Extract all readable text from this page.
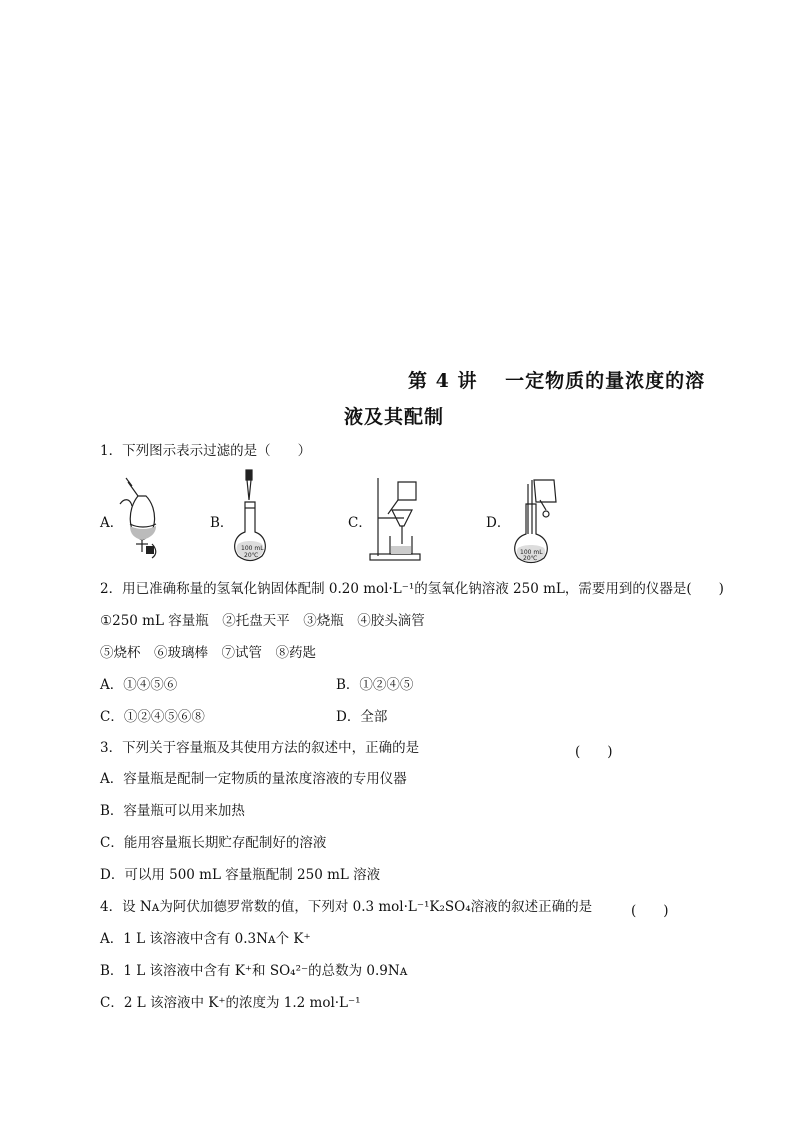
第 4 讲　 一定物质的量浓度的溶
液及其配制
1．下列图示表示过滤的是（　　）
A．	B．
100 mL
20℃
C．	D．
100 mL
20℃
2．用已准确称量的氢氧化钠固体配制 0.20 mol·L⁻¹的氢氧化钠溶液 250 mL，需要用到的仪器是(　　)
①250 mL 容量瓶　②托盘天平　③烧瓶　④胶头滴管
⑤烧杯　⑥玻璃棒　⑦试管　⑧药匙
A．①④⑤⑥	B．①②④⑤
C．①②④⑤⑥⑧	D．全部
3．下列关于容量瓶及其使用方法的叙述中，正确的是	(　　)
A．容量瓶是配制一定物质的量浓度溶液的专用仪器
B．容量瓶可以用来加热
C．能用容量瓶长期贮存配制好的溶液
D．可以用 500 mL 容量瓶配制 250 mL 溶液
4．设 Nᴀ为阿伏加德罗常数的值，下列对 0.3 mol·L⁻¹K₂SO₄溶液的叙述正确的是	(　　)
A．1 L 该溶液中含有 0.3Nᴀ个 K⁺
B．1 L 该溶液中含有 K⁺和 SO₄²⁻的总数为 0.9Nᴀ
C．2 L 该溶液中 K⁺的浓度为 1.2 mol·L⁻¹
